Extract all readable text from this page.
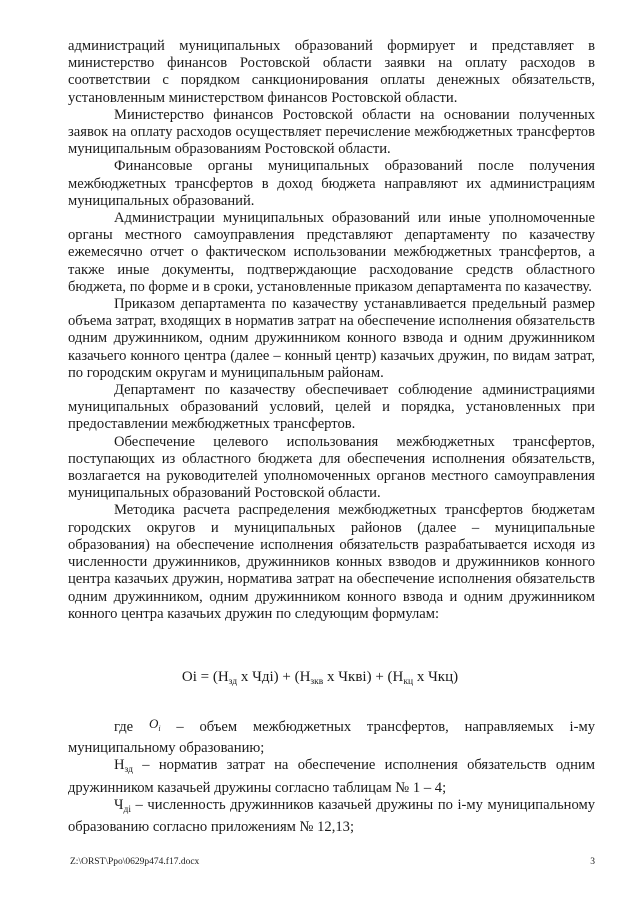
администраций муниципальных образований формирует и представляет в министерство финансов Ростовской области заявки на оплату расходов в соответствии с порядком санкционирования оплаты денежных обязательств, установленным министерством финансов Ростовской области.

Министерство финансов Ростовской области на основании полученных заявок на оплату расходов осуществляет перечисление межбюджетных трансфертов муниципальным образованиям Ростовской области.

Финансовые органы муниципальных образований после получения межбюджетных трансфертов в доход бюджета направляют их администрациям муниципальных образований.

Администрации муниципальных образований или иные уполномоченные органы местного самоуправления представляют департаменту по казачеству ежемесячно отчет о фактическом использовании межбюджетных трансфертов, а также иные документы, подтверждающие расходование средств областного бюджета, по форме и в сроки, установленные приказом департамента по казачеству.

Приказом департамента по казачеству устанавливается предельный размер объема затрат, входящих в норматив затрат на обеспечение исполнения обязательств одним дружинником, одним дружинником конного взвода и одним дружинником казачьего конного центра (далее – конный центр) казачьих дружин, по видам затрат, по городским округам и муниципальным районам.

Департамент по казачеству обеспечивает соблюдение администрациями муниципальных образований условий, целей и порядка, установленных при предоставлении межбюджетных трансфертов.

Обеспечение целевого использования межбюджетных трансфертов, поступающих из областного бюджета для обеспечения исполнения обязательств, возлагается на руководителей уполномоченных органов местного самоуправления муниципальных образований Ростовской области.

Методика расчета распределения межбюджетных трансфертов бюджетам городских округов и муниципальных районов (далее – муниципальные образования) на обеспечение исполнения обязательств разрабатывается исходя из численности дружинников, дружинников конных взводов и дружинников конного центра казачьих дружин, норматива затрат на обеспечение исполнения обязательств одним дружинником, одним дружинником конного взвода и одним дружинником конного центра казачьих дружин по следующим формулам:

$Oi = (Н_{зд}$ х $Чдi) + (Н_{зкв}$ х Чкві) + ($Н_{кц}$ х Чкц)

где $O_i$ – объем межбюджетных трансфертов, направляемых i-му муниципальному образованию;

$Н_{зд}$ – норматив затрат на обеспечение исполнения обязательств одним дружинником казачьей дружины согласно таблицам № 1 – 4;

$Ч_{дi}$ – численность дружинников казачьей дружины по i-му муниципальному образованию согласно приложениям № 12,13;

Z:\ORST\Ppo\0629p474.f17.docx	3
